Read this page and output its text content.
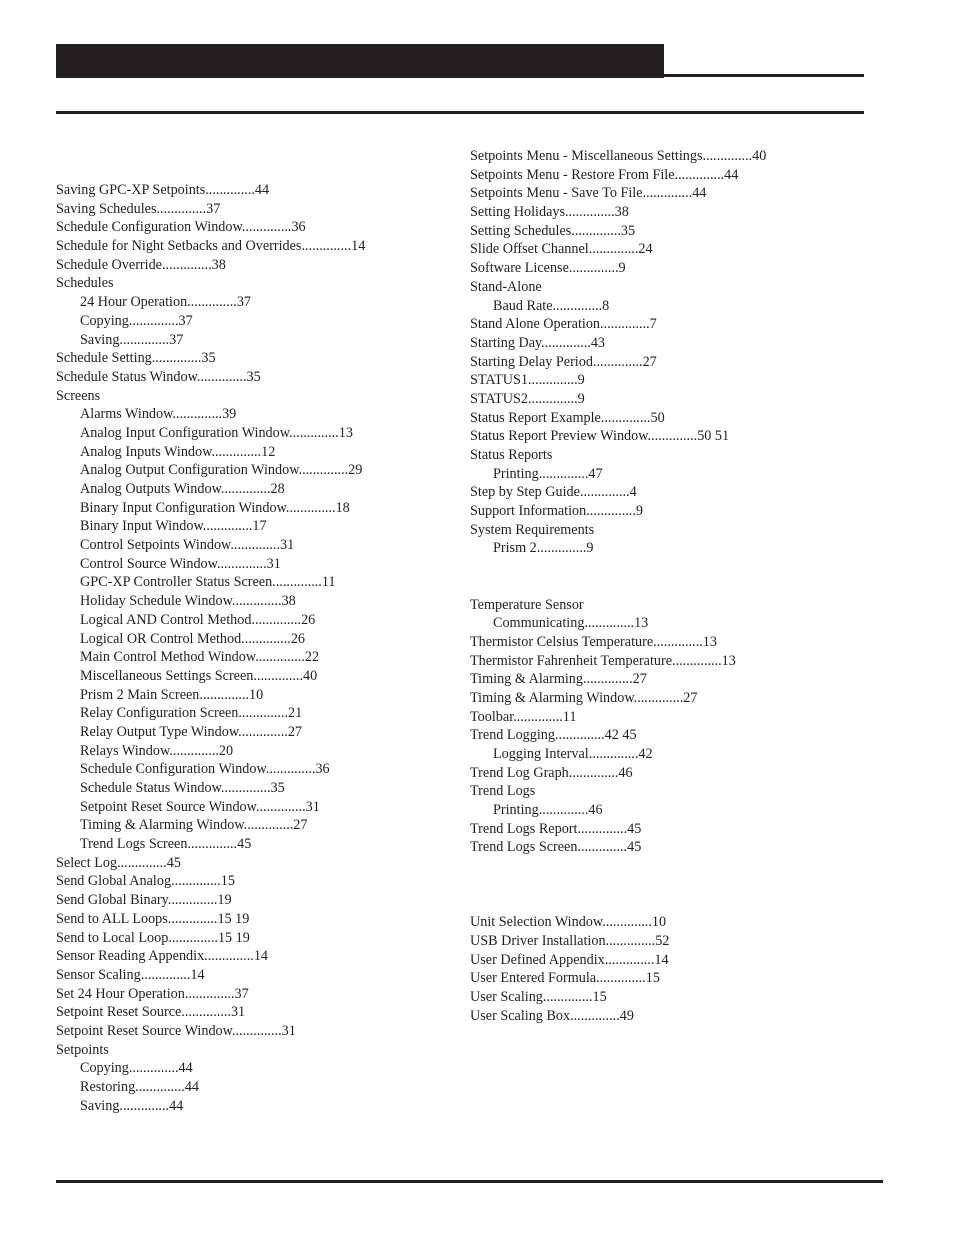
Saving GPC-XP Setpoints..............44
Saving Schedules..............37
Schedule Configuration Window..............36
Schedule for Night Setbacks and Overrides..............14
Schedule Override..............38
Schedules
24 Hour Operation..............37
Copying..............37
Saving..............37
Schedule Setting..............35
Schedule Status Window..............35
Screens
Alarms Window..............39
Analog Input Configuration Window..............13
Analog Inputs Window..............12
Analog Output Configuration Window..............29
Analog Outputs Window..............28
Binary Input Configuration Window..............18
Binary Input Window..............17
Control Setpoints Window..............31
Control Source Window..............31
GPC-XP Controller Status Screen..............11
Holiday Schedule Window..............38
Logical AND Control Method..............26
Logical OR Control Method..............26
Main Control Method Window..............22
Miscellaneous Settings Screen..............40
Prism 2 Main Screen..............10
Relay Configuration Screen..............21
Relay Output Type Window..............27
Relays Window..............20
Schedule Configuration Window..............36
Schedule Status Window..............35
Setpoint Reset Source Window..............31
Timing & Alarming Window..............27
Trend Logs Screen..............45
Select Log..............45
Send Global Analog..............15
Send Global Binary..............19
Send to ALL Loops..............15 19
Send to Local Loop..............15 19
Sensor Reading Appendix..............14
Sensor Scaling..............14
Set 24 Hour Operation..............37
Setpoint Reset Source..............31
Setpoint Reset Source Window..............31
Setpoints
Copying..............44
Restoring..............44
Saving..............44
Setpoints Menu - Miscellaneous Settings..............40
Setpoints Menu - Restore From File..............44
Setpoints Menu - Save To File..............44
Setting Holidays..............38
Setting Schedules..............35
Slide Offset Channel..............24
Software License..............9
Stand-Alone
Baud Rate..............8
Stand Alone Operation..............7
Starting Day..............43
Starting Delay Period..............27
STATUS1..............9
STATUS2..............9
Status Report Example..............50
Status Report Preview Window..............50 51
Status Reports
Printing..............47
Step by Step Guide..............4
Support Information..............9
System Requirements
Prism 2..............9
Temperature Sensor
Communicating..............13
Thermistor Celsius Temperature..............13
Thermistor Fahrenheit Temperature..............13
Timing & Alarming..............27
Timing & Alarming Window..............27
Toolbar..............11
Trend Logging..............42 45
Logging Interval..............42
Trend Log Graph..............46
Trend Logs
Printing..............46
Trend Logs Report..............45
Trend Logs Screen..............45
Unit Selection Window..............10
USB Driver Installation..............52
User Defined Appendix..............14
User Entered Formula..............15
User Scaling..............15
User Scaling Box..............49
